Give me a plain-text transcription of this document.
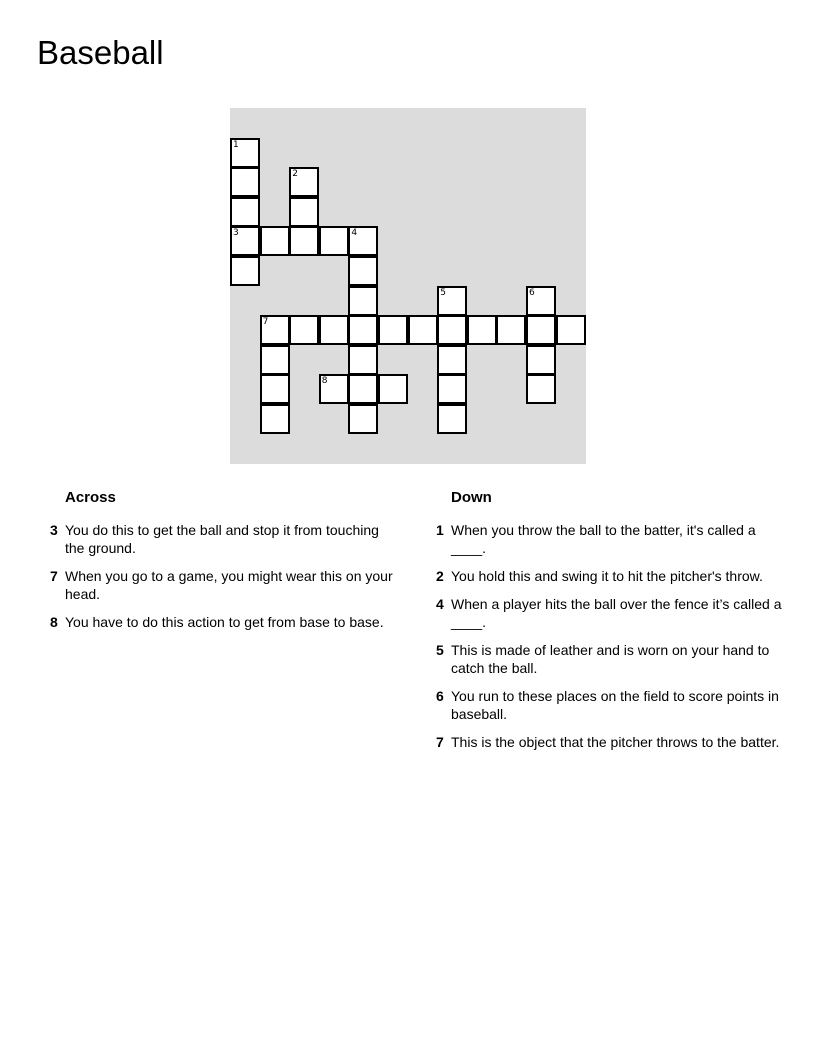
Baseball
1
3
2
4
5	6
7
8
Across
3 You do this to get the ball and stop it from touching the ground.
7 When you go to a game, you might wear this on your head.
8 You have to do this action to get from base to base.
Down
1 When you throw the ball to the batter, it's called a ____.
2 You hold this and swing it to hit the pitcher's throw.
4 When a player hits the ball over the fence it’s called a ____.
5 This is made of leather and is worn on your hand to catch the ball.
6 You run to these places on the field to score points in baseball.
7 This is the object that the pitcher throws to the batter.
